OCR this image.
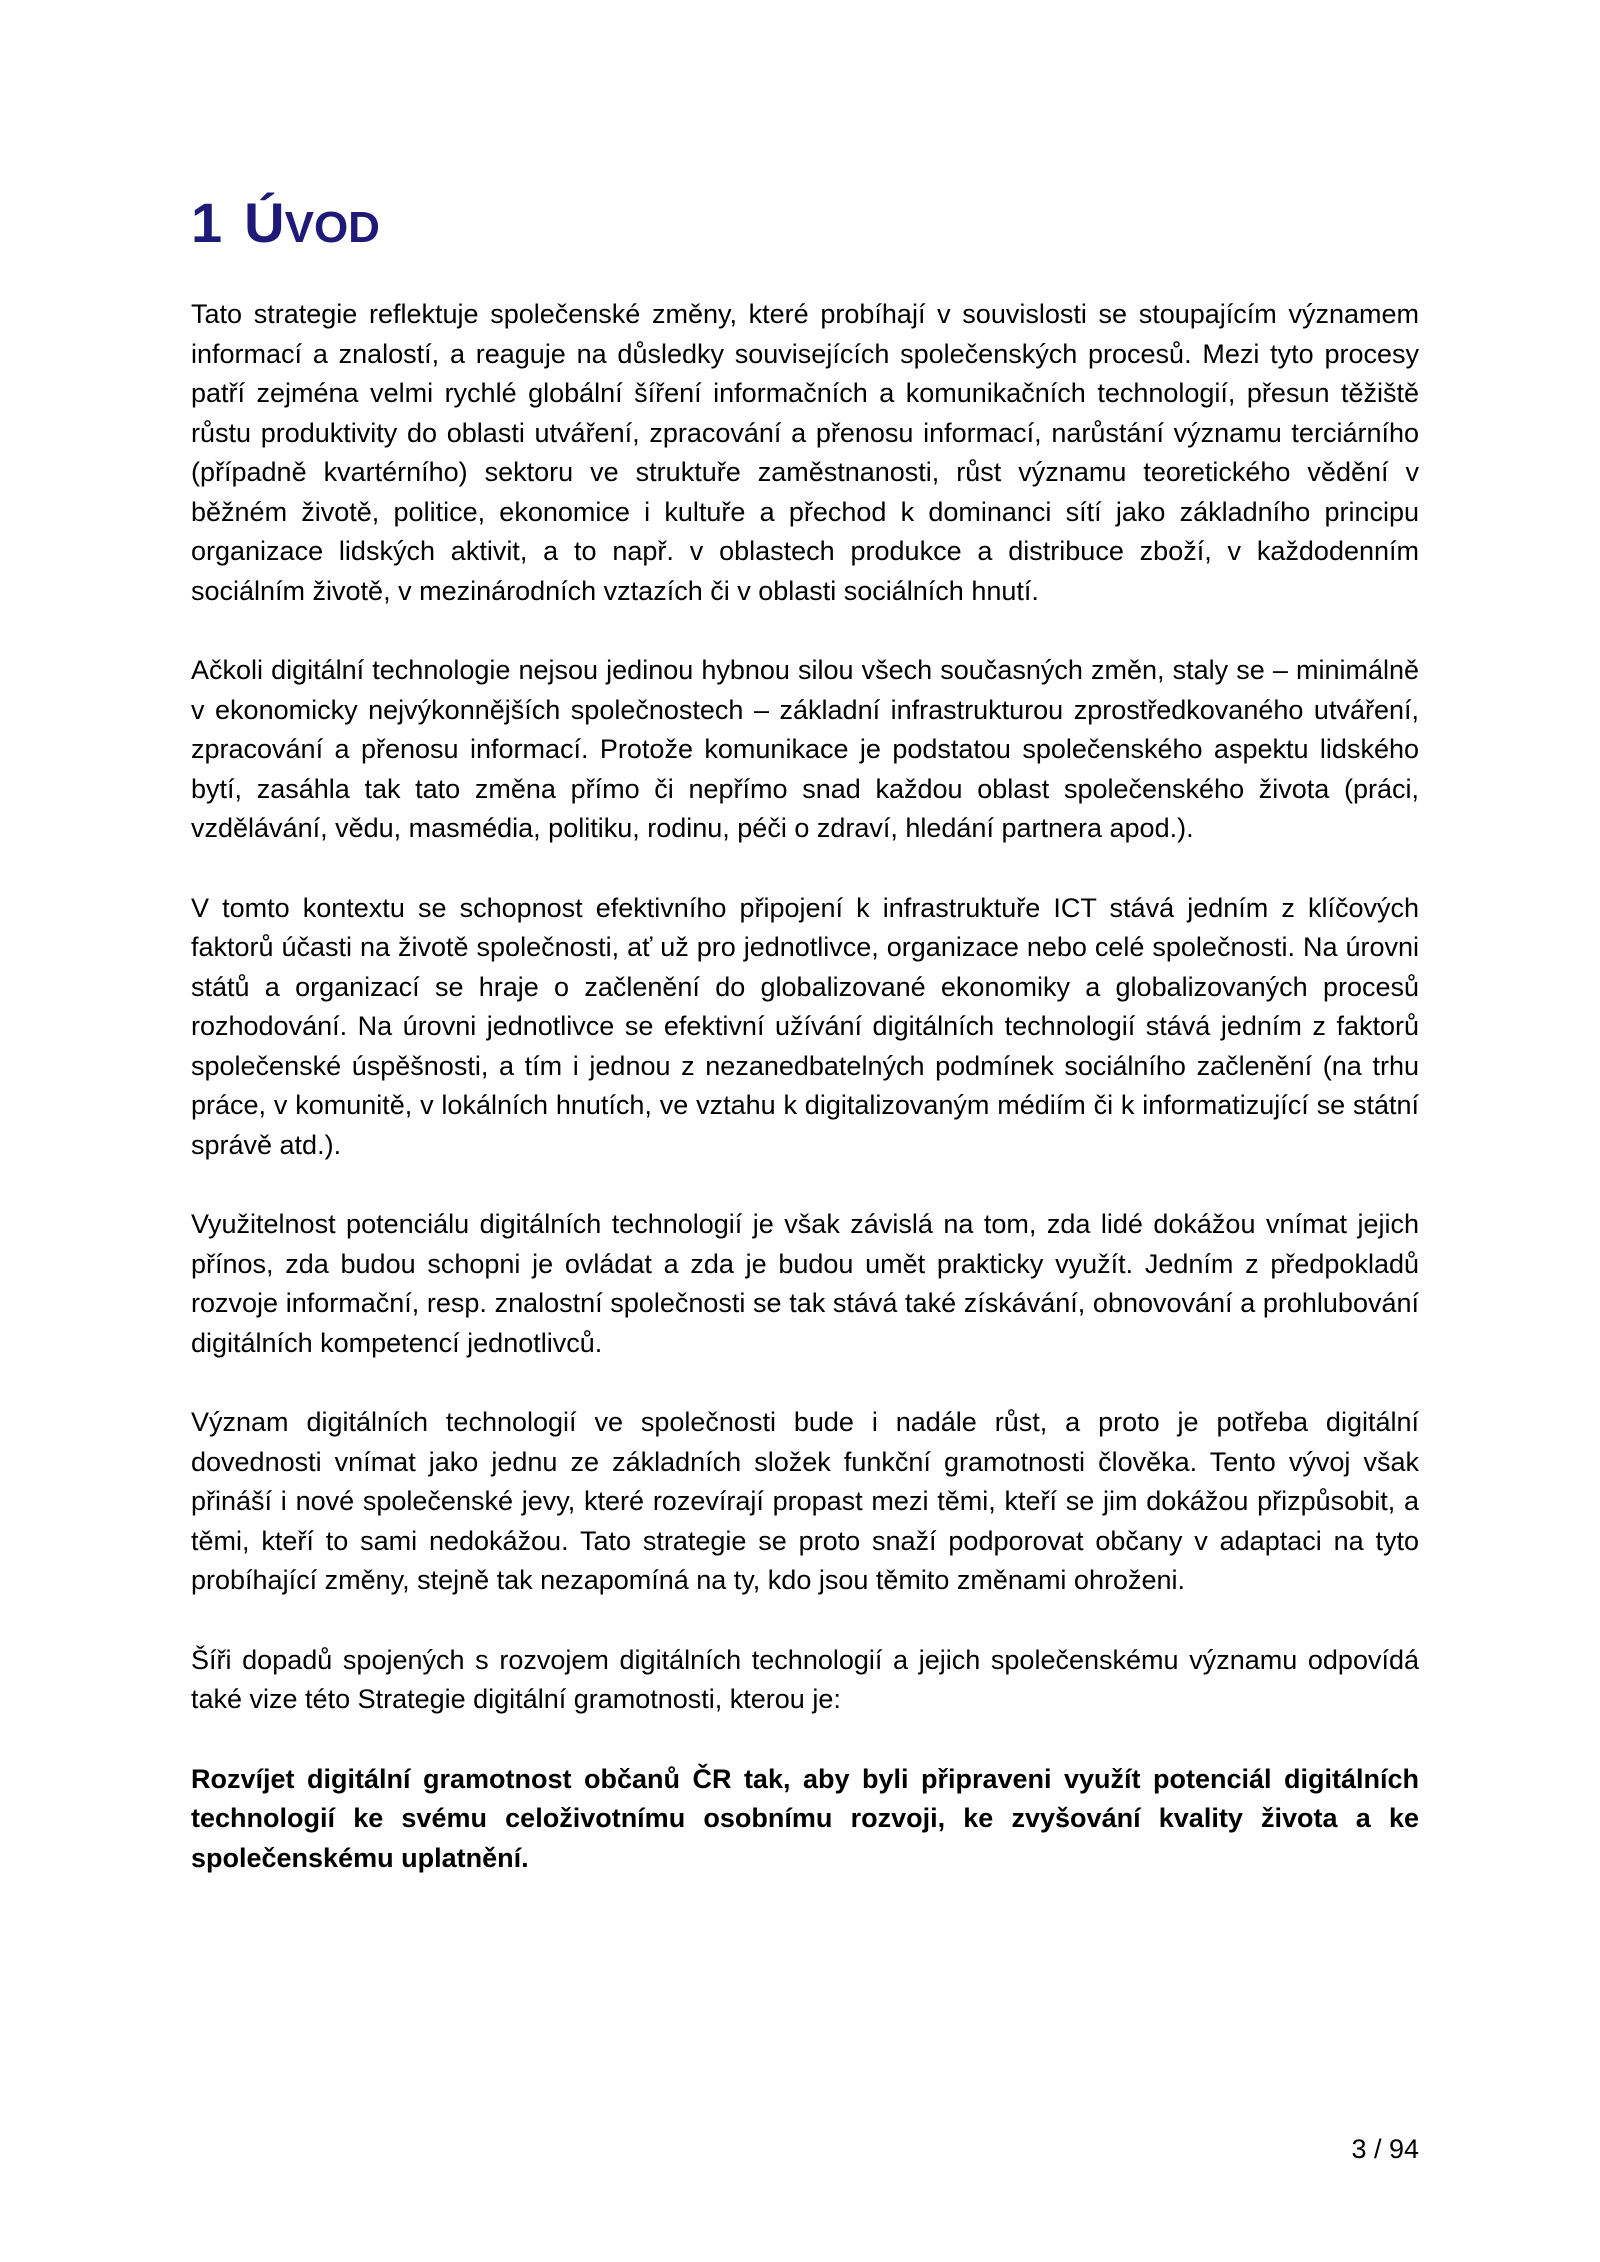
1 ÚVOD

Tato strategie reflektuje společenské změny, které probíhají v souvislosti se stoupajícím významem informací a znalostí, a reaguje na důsledky souvisejících společenských procesů. Mezi tyto procesy patří zejména velmi rychlé globální šíření informačních a komunikačních technologií, přesun těžiště růstu produktivity do oblasti utváření, zpracování a přenosu informací, narůstání významu terciárního (případně kvartérního) sektoru ve struktuře zaměstnanosti, růst významu teoretického vědění v běžném životě, politice, ekonomice i kultuře a přechod k dominanci sítí jako základního principu organizace lidských aktivit, a to např. v oblastech produkce a distribuce zboží, v každodenním sociálním životě, v mezinárodních vztazích či v oblasti sociálních hnutí.

Ačkoli digitální technologie nejsou jedinou hybnou silou všech současných změn, staly se – minimálně v ekonomicky nejvýkonnějších společnostech – základní infrastrukturou zprostředkovaného utváření, zpracování a přenosu informací. Protože komunikace je podstatou společenského aspektu lidského bytí, zasáhla tak tato změna přímo či nepřímo snad každou oblast společenského života (práci, vzdělávání, vědu, masmédia, politiku, rodinu, péči o zdraví, hledání partnera apod.).

V tomto kontextu se schopnost efektivního připojení k infrastruktuře ICT stává jedním z klíčových faktorů účasti na životě společnosti, ať už pro jednotlivce, organizace nebo celé společnosti. Na úrovni států a organizací se hraje o začlenění do globalizované ekonomiky a globalizovaných procesů rozhodování. Na úrovni jednotlivce se efektivní užívání digitálních technologií stává jedním z faktorů společenské úspěšnosti, a tím i jednou z nezanedbatelných podmínek sociálního začlenění (na trhu práce, v komunitě, v lokálních hnutích, ve vztahu k digitalizovaným médiím či k informatizující se státní správě atd.).

Využitelnost potenciálu digitálních technologií je však závislá na tom, zda lidé dokážou vnímat jejich přínos, zda budou schopni je ovládat a zda je budou umět prakticky využít. Jedním z předpokladů rozvoje informační, resp. znalostní společnosti se tak stává také získávání, obnovování a prohlubování digitálních kompetencí jednotlivců.

Význam digitálních technologií ve společnosti bude i nadále růst, a proto je potřeba digitální dovednosti vnímat jako jednu ze základních složek funkční gramotnosti člověka. Tento vývoj však přináší i nové společenské jevy, které rozevírají propast mezi těmi, kteří se jim dokážou přizpůsobit, a těmi, kteří to sami nedokážou. Tato strategie se proto snaží podporovat občany v adaptaci na tyto probíhající změny, stejně tak nezapomíná na ty, kdo jsou těmito změnami ohroženi.

Šíři dopadů spojených s rozvojem digitálních technologií a jejich společenskému významu odpovídá také vize této Strategie digitální gramotnosti, kterou je:

Rozvíjet digitální gramotnost občanů ČR tak, aby byli připraveni využít potenciál digitálních technologií ke svému celoživotnímu osobnímu rozvoji, ke zvyšování kvality života a ke společenskému uplatnění.

3 / 94
